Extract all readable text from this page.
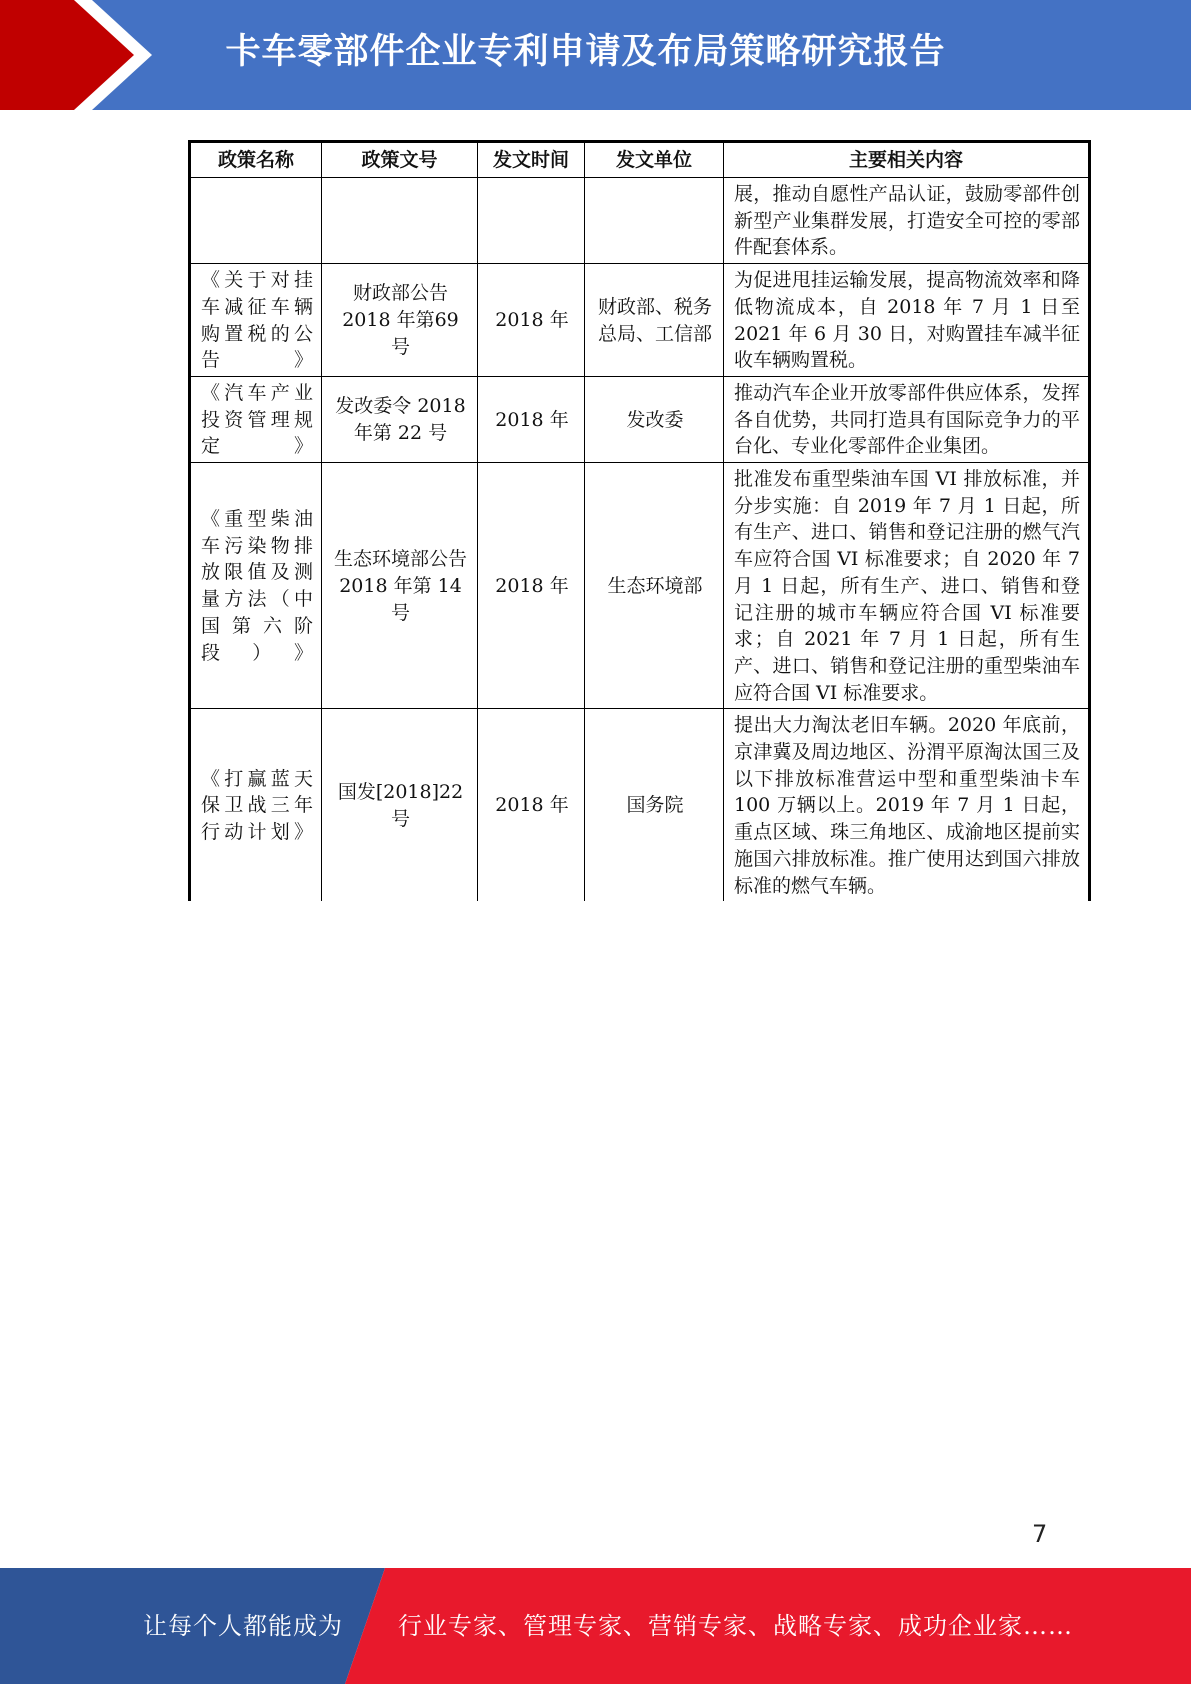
卡车零部件企业专利申请及布局策略研究报告
政策名称	政策文号	发文时间	发文单位	主要相关内容
				展，推动自愿性产品认证，鼓励零部件创新型产业集群发展，打造安全可控的零部件配套体系。
《关于对挂车减征车辆购置税的公告》	财政部公告2018 年第69 号	2018 年	财政部、税务总局、工信部	为促进甩挂运输发展，提高物流效率和降低物流成本，自 2018 年 7 月 1 日至 2021 年 6 月 30 日，对购置挂车减半征收车辆购置税。
《汽车产业投资管理规定》	发改委令 2018 年第 22 号	2018 年	发改委	推动汽车企业开放零部件供应体系，发挥各自优势，共同打造具有国际竞争力的平台化、专业化零部件企业集团。
《重型柴油车污染物排放限值及测量方法（中国第六阶段）》	生态环境部公告 2018 年第 14 号	2018 年	生态环境部	批准发布重型柴油车国 VI 排放标准，并分步实施：自 2019 年 7 月 1 日起，所有生产、进口、销售和登记注册的燃气汽车应符合国 VI 标准要求；自 2020 年 7 月 1 日起，所有生产、进口、销售和登记注册的城市车辆应符合国 VI 标准要求；自 2021 年 7 月 1 日起，所有生产、进口、销售和登记注册的重型柴油车应符合国 VI 标准要求。
《打赢蓝天保卫战三年行动计划》	国发[2018]22 号	2018 年	国务院	提出大力淘汰老旧车辆。2020 年底前，京津冀及周边地区、汾渭平原淘汰国三及以下排放标准营运中型和重型柴油卡车 100 万辆以上。2019 年 7 月 1 日起，重点区域、珠三角地区、成渝地区提前实施国六排放标准。推广使用达到国六排放标准的燃气车辆。
7
让每个人都能成为 行业专家、管理专家、营销专家、战略专家、成功企业家……
